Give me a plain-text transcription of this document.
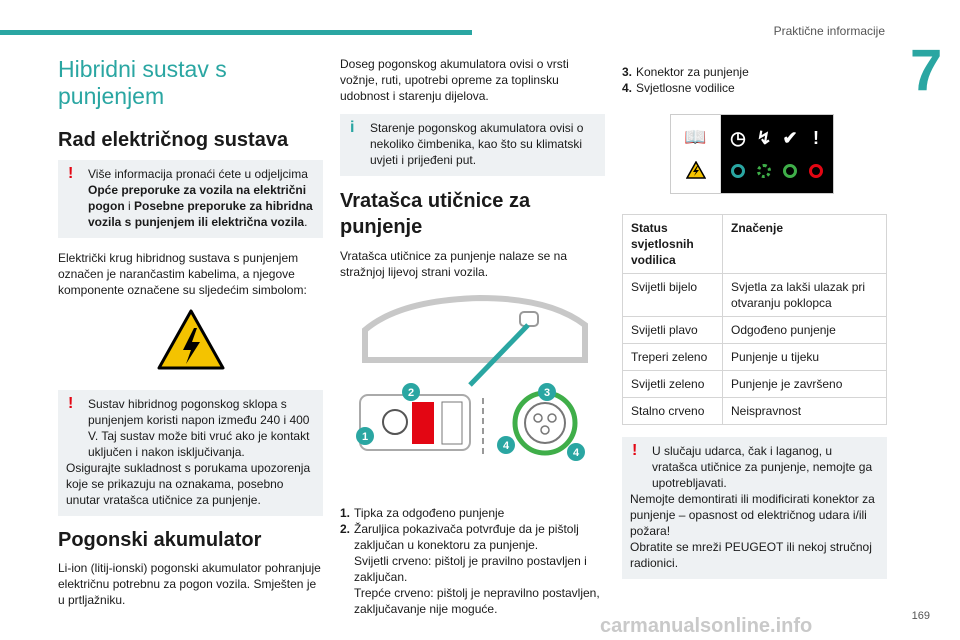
Praktične informacije
7
Hibridni sustav s punjenjem
Rad električnog sustava
!	Više informacija pronaći ćete u odjeljcima Opće preporuke za vozila na električni pogon i Posebne preporuke za hibridna vozila s punjenjem ili električna vozila.

Električki krug hibridnog sustava s punjenjem označen je narančastim kabelima, a njegove komponente označene su sljedećim simbolom:

!	Sustav hibridnog pogonskog sklopa s punjenjem koristi napon između 240 i 400 V. Taj sustav može biti vruć ako je kontakt uključen i nakon isključivanja.
Osigurajte sukladnost s porukama upozorenja koje se prikazuju na oznakama, posebno unutar vratašca utičnice za punjenje.
Pogonski akumulator

Li-ion (litij-ionski) pogonski akumulator pohranjuje električnu potrebnu za pogon vozila. Smješten je u prtljažniku.

Doseg pogonskog akumulatora ovisi o vrsti vožnje, ruti, upotrebi opreme za toplinsku udobnost i starenju dijelova.

i	Starenje pogonskog akumulatora ovisi o nekoliko čimbenika, kao što su klimatski uvjeti i prijeđeni put.
Vratašca utičnice za punjenje

Vratašca utičnice za punjenje nalaze se na stražnjoj lijevoj strani vozila.

1
2	3
4
4
1. Tipka za odgođeno punjenje
2. Žaruljica pokazivača potvrđuje da je pištolj zaključan u konektoru za punjenje.
Svijetli crveno: pištolj je pravilno postavljen i zaključan.
Trepće crveno: pištolj je nepravilno postavljen, zaključavanje nije moguće.
3. Konektor za punjenje
4. Svjetlosne vodilice
📖 ◷ ↯ ✔ !
Status svjetlosnih vodilica	Značenje
Svijetli bijelo	Svjetla za lakši ulazak pri otvaranju poklopca
Svijetli plavo	Odgođeno punjenje
Treperi zeleno	Punjenje u tijeku
Svijetli zeleno	Punjenje je završeno
Stalno crveno	Neispravnost
!	U slučaju udarca, čak i laganog, u vratašca utičnice za punjenje, nemojte ga upotrebljavati.
Nemojte demontirati ili modificirati konektor za punjenje – opasnost od električnog udara i/ili požara!
Obratite se mreži PEUGEOT ili nekoj stručnoj radionici.
carmanualsonline.info	169
